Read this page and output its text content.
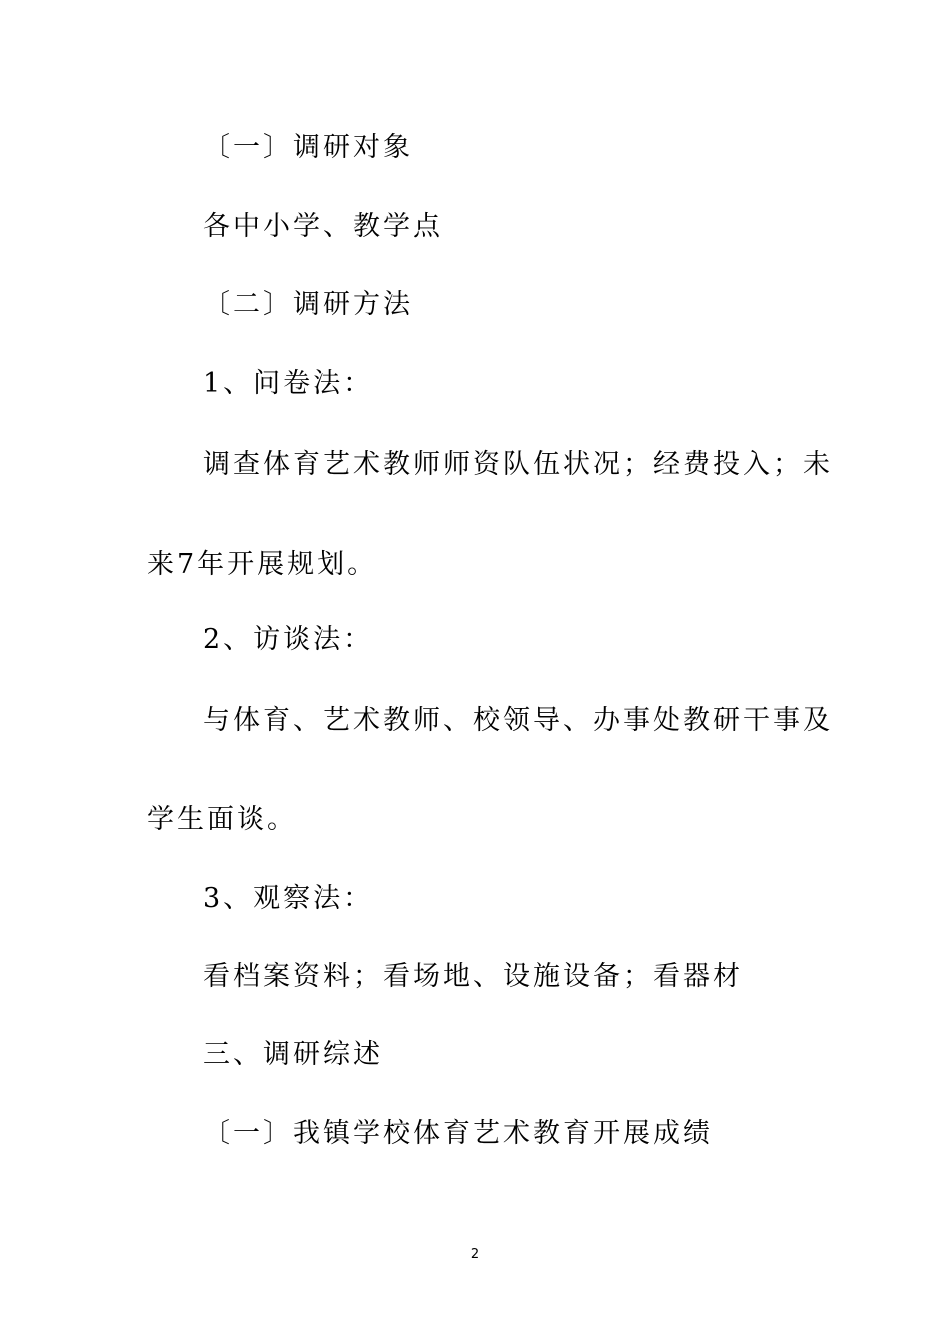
〔一〕调研对象
各中小学、教学点
〔二〕调研方法
1、问卷法：
调查体育艺术教师师资队伍状况；经费投入；未
来7年开展规划。
2、访谈法：
与体育、艺术教师、校领导、办事处教研干事及
学生面谈。
3、观察法：
看档案资料；看场地、设施设备；看器材
三、调研综述
〔一〕我镇学校体育艺术教育开展成绩
2
